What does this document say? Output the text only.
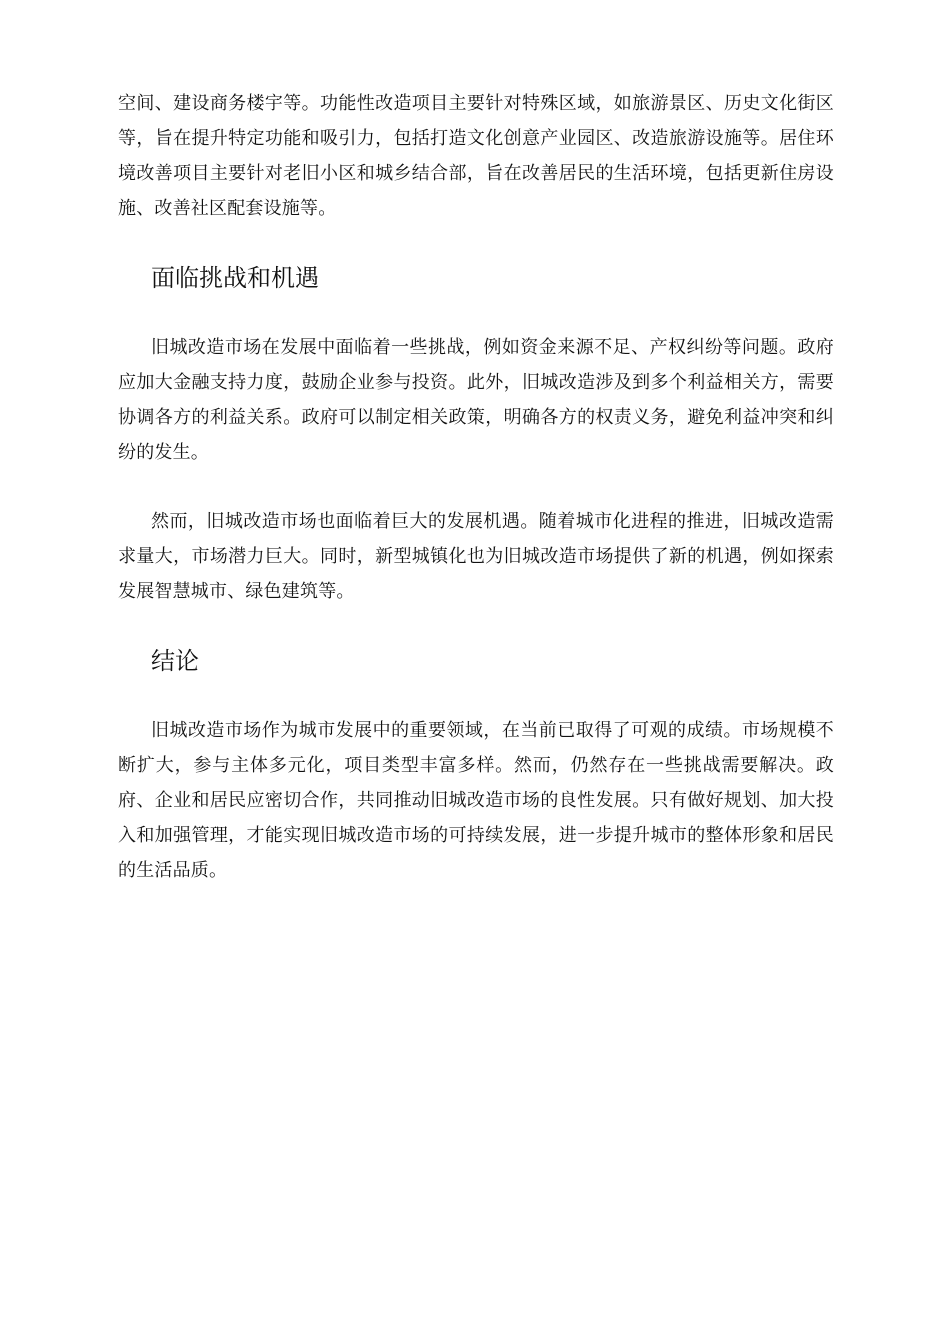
空间、建设商务楼宇等。功能性改造项目主要针对特殊区域，如旅游景区、历史文化街区等，旨在提升特定功能和吸引力，包括打造文化创意产业园区、改造旅游设施等。居住环境改善项目主要针对老旧小区和城乡结合部，旨在改善居民的生活环境，包括更新住房设施、改善社区配套设施等。

面临挑战和机遇

旧城改造市场在发展中面临着一些挑战，例如资金来源不足、产权纠纷等问题。政府应加大金融支持力度，鼓励企业参与投资。此外，旧城改造涉及到多个利益相关方，需要协调各方的利益关系。政府可以制定相关政策，明确各方的权责义务，避免利益冲突和纠纷的发生。

然而，旧城改造市场也面临着巨大的发展机遇。随着城市化进程的推进，旧城改造需求量大，市场潜力巨大。同时，新型城镇化也为旧城改造市场提供了新的机遇，例如探索发展智慧城市、绿色建筑等。

结论

旧城改造市场作为城市发展中的重要领域，在当前已取得了可观的成绩。市场规模不断扩大，参与主体多元化，项目类型丰富多样。然而，仍然存在一些挑战需要解决。政府、企业和居民应密切合作，共同推动旧城改造市场的良性发展。只有做好规划、加大投入和加强管理，才能实现旧城改造市场的可持续发展，进一步提升城市的整体形象和居民的生活品质。
